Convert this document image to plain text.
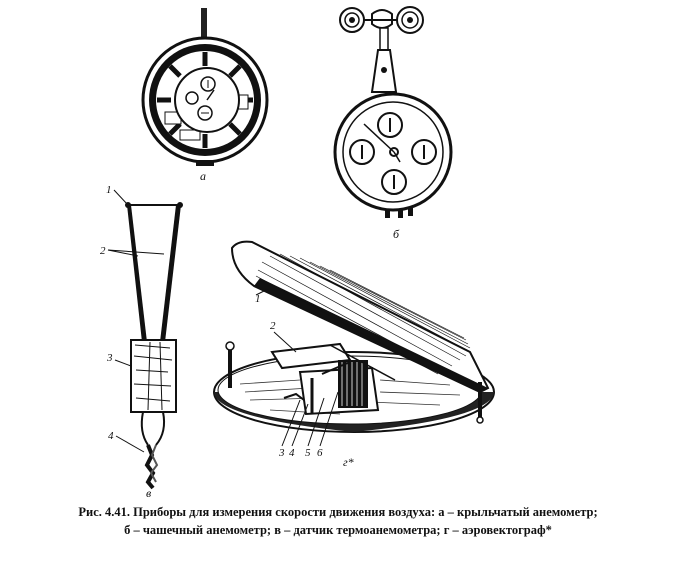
а
б
1
2
3
4
в
1
2
3 4 5 6
г*
Рис. 4.41. Приборы для измерения скорости движения воздуха: а – крыльчатый анемометр;
б – чашечный анемометр; в – датчик термоанемометра; г – аэровектограф*
